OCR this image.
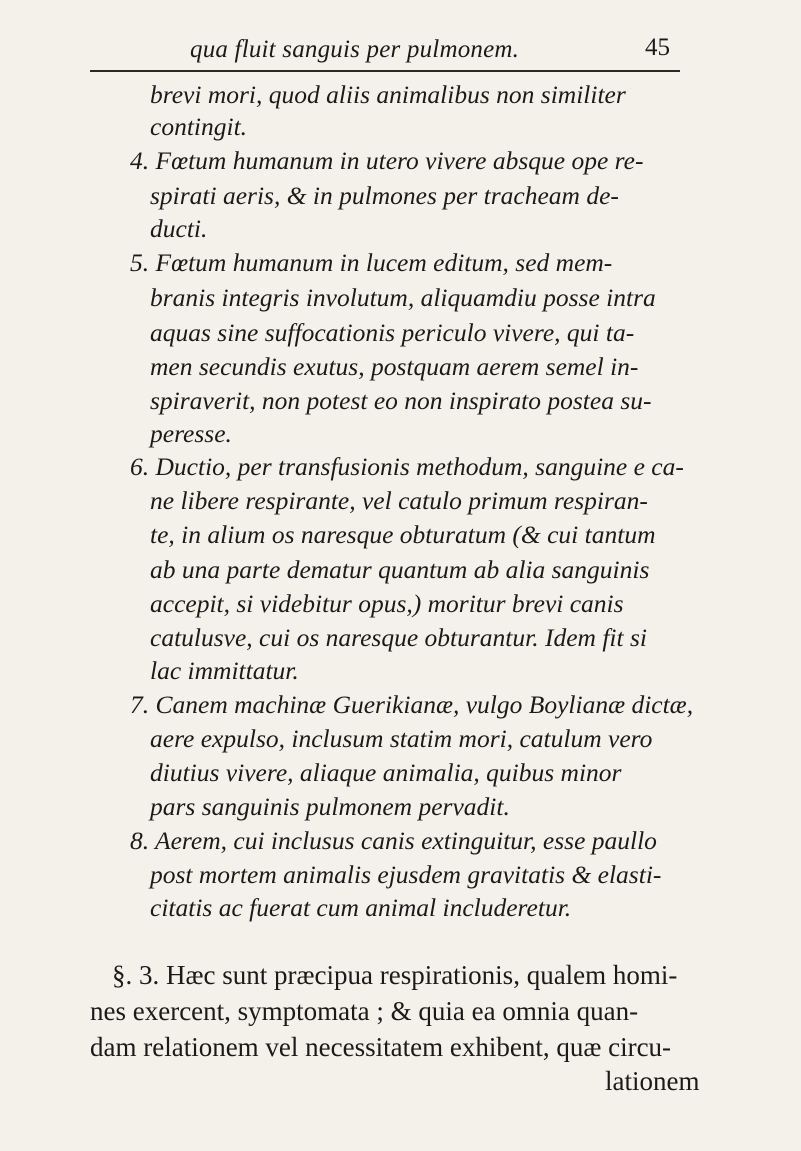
qua fluit sanguis per pulmonem.	45
brevi mori, quod aliis animalibus non similiter
contingit.
4. Fœtum humanum in utero vivere absque ope re-
spirati aeris, & in pulmones per tracheam de-
ducti.
5. Fœtum humanum in lucem editum, sed mem-
branis integris involutum, aliquamdiu posse intra
aquas sine suffocationis periculo vivere, qui ta-
men secundis exutus, postquam aerem semel in-
spiraverit, non potest eo non inspirato postea su-
peresse.
6. Ductio, per transfusionis methodum, sanguine e ca-
ne libere respirante, vel catulo primum respiran-
te, in alium os naresque obturatum (& cui tantum
ab una parte dematur quantum ab alia sanguinis
accepit, si videbitur opus,) moritur brevi canis
catulusve, cui os naresque obturantur. Idem fit si
lac immittatur.
7. Canem machinæ Guerikianæ, vulgo Boylianæ dictæ,
aere expulso, inclusum statim mori, catulum vero
diutius vivere, aliaque animalia, quibus minor
pars sanguinis pulmonem pervadit.
8. Aerem, cui inclusus canis extinguitur, esse paullo
post mortem animalis ejusdem gravitatis & elasti-
citatis ac fuerat cum animal includeretur.
§. 3. Hæc sunt præcipua respirationis, qualem homi-
nes exercent, symptomata ; & quia ea omnia quan-
dam relationem vel necessitatem exhibent, quæ circu-
lationem
